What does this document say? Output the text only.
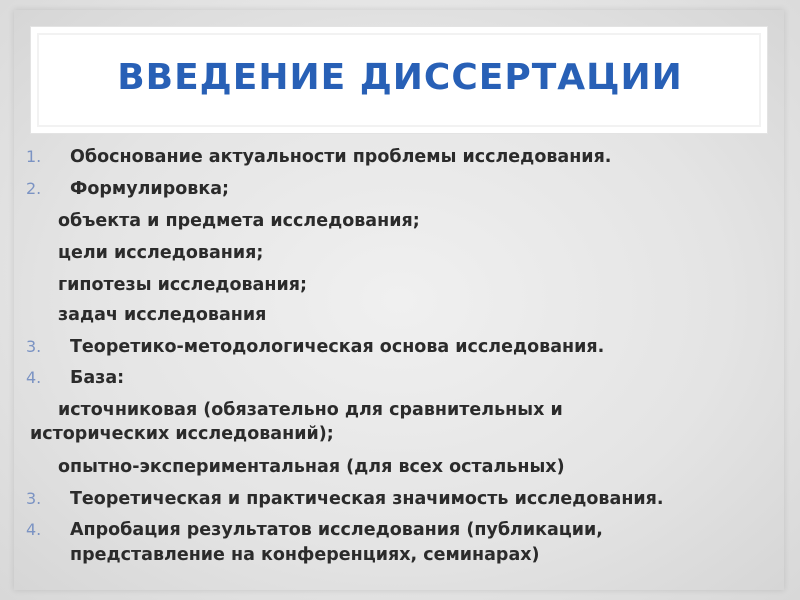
ВВЕДЕНИЕ ДИССЕРТАЦИИ
1. Обоснование актуальности проблемы исследования.
2. Формулировка;
объекта и предмета исследования;
цели исследования;
гипотезы исследования;
задач исследования
3. Теоретико-методологическая основа исследования.
4. База:
источниковая (обязательно для сравнительных и
исторических исследований);
опытно-экспериментальная (для всех остальных)
3. Теоретическая и практическая значимость исследования.
4. Апробация результатов исследования (публикации,
представление на конференциях, семинарах)
